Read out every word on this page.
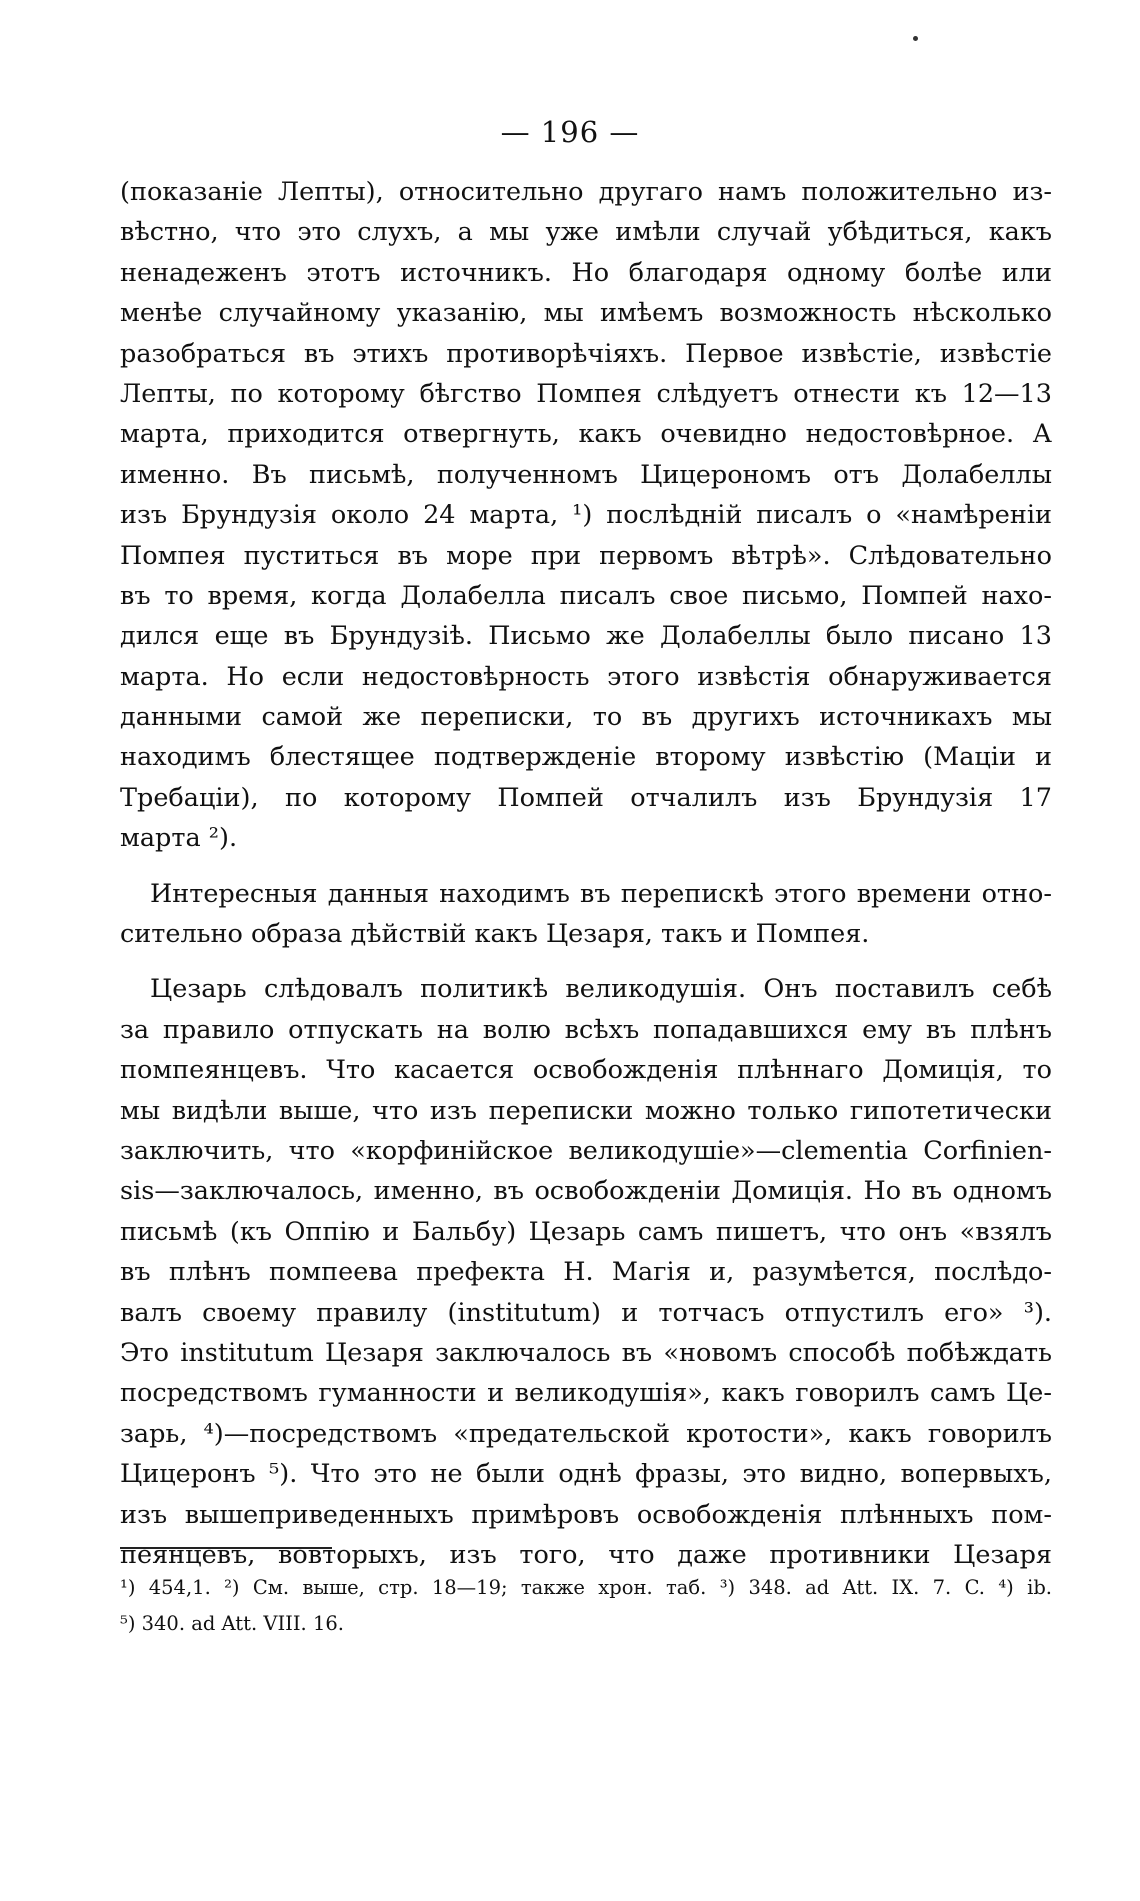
— 196 —
(показаніе Лепты), относительно другаго намъ положительно из-
вѣстно, что это слухъ, а мы уже имѣли случай убѣдиться, какъ
ненадеженъ этотъ источникъ. Но благодаря одному болѣе или
менѣе случайному указанію, мы имѣемъ возможность нѣсколько
разобраться въ этихъ противорѣчіяхъ. Первое извѣстіе, извѣстіе
Лепты, по которому бѣгство Помпея слѣдуетъ отнести къ 12—13
марта, приходится отвергнуть, какъ очевидно недостовѣрное. А
именно. Въ письмѣ, полученномъ Цицерономъ отъ Долабеллы
изъ Брундузія около 24 марта, ¹) послѣдній писалъ о «намѣреніи
Помпея пуститься въ море при первомъ вѣтрѣ». Слѣдовательно
въ то время, когда Долабелла писалъ свое письмо, Помпей нахо-
дился еще въ Брундузіѣ. Письмо же Долабеллы было писано 13
марта. Но если недостовѣрность этого извѣстія обнаруживается
данными самой же переписки, то въ другихъ источникахъ мы
находимъ блестящее подтвержденіе второму извѣстію (Маціи и
Требаціи), по которому Помпей отчалилъ изъ Брундузія 17
марта ²).
Интересныя данныя находимъ въ перепискѣ этого времени отно-
сительно образа дѣйствій какъ Цезаря, такъ и Помпея.
Цезарь слѣдовалъ политикѣ великодушія. Онъ поставилъ себѣ
за правило отпускать на волю всѣхъ попадавшихся ему въ плѣнъ
помпеянцевъ. Что касается освобожденія плѣннаго Домиція, то
мы видѣли выше, что изъ переписки можно только гипотетически
заключить, что «корфинійское великодушіе»—clementia Corfinien-
sis—заключалось, именно, въ освобожденіи Домиція. Но въ одномъ
письмѣ (къ Оппію и Бальбу) Цезарь самъ пишетъ, что онъ «взялъ
въ плѣнъ помпеева префекта Н. Магія и, разумѣется, послѣдо-
валъ своему правилу (institutum) и тотчасъ отпустилъ его» ³).
Это institutum Цезаря заключалось въ «новомъ способѣ побѣждать
посредствомъ гуманности и великодушія», какъ говорилъ самъ Це-
зарь, ⁴)—посредствомъ «предательской кротости», какъ говорилъ
Цицеронъ ⁵). Что это не были однѣ фразы, это видно, вопервыхъ,
изъ вышеприведенныхъ примѣровъ освобожденія плѣнныхъ пом-
пеянцевъ, вовторыхъ, изъ того, что даже противники Цезаря
¹) 454,1. ²) См. выше, стр. 18—19; также хрон. таб. ³) 348. ad Att. IX. 7. C. ⁴) ib.
⁵) 340. ad Att. VIII. 16.
